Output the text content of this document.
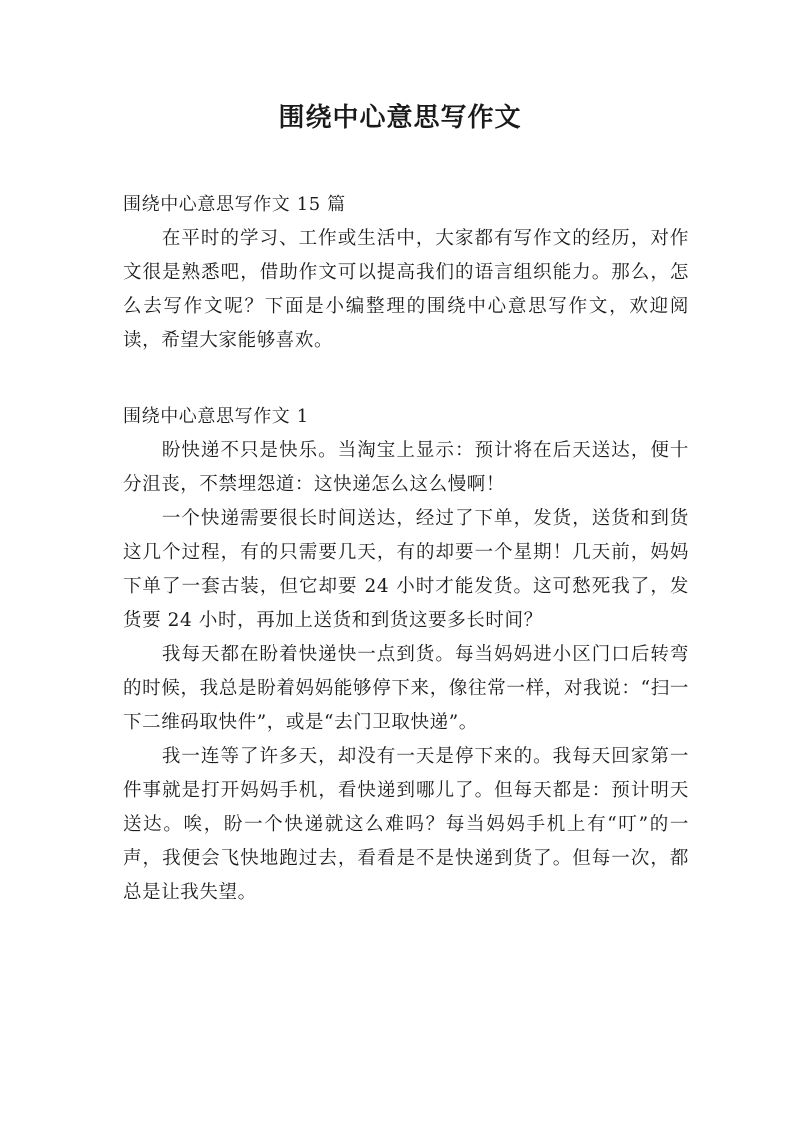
围绕中心意思写作文
围绕中心意思写作文 15 篇

在平时的学习、工作或生活中，大家都有写作文的经历，对作文很是熟悉吧，借助作文可以提高我们的语言组织能力。那么，怎么去写作文呢？下面是小编整理的围绕中心意思写作文，欢迎阅读，希望大家能够喜欢。

围绕中心意思写作文 1

盼快递不只是快乐。当淘宝上显示：预计将在后天送达，便十分沮丧，不禁埋怨道：这快递怎么这么慢啊！

一个快递需要很长时间送达，经过了下单，发货，送货和到货这几个过程，有的只需要几天，有的却要一个星期！几天前，妈妈下单了一套古装，但它却要 24 小时才能发货。这可愁死我了，发货要 24 小时，再加上送货和到货这要多长时间？

我每天都在盼着快递快一点到货。每当妈妈进小区门口后转弯的时候，我总是盼着妈妈能够停下来，像往常一样，对我说：“扫一下二维码取快件”，或是“去门卫取快递”。

我一连等了许多天，却没有一天是停下来的。我每天回家第一件事就是打开妈妈手机，看快递到哪儿了。但每天都是：预计明天送达。唉，盼一个快递就这么难吗？每当妈妈手机上有“叮”的一声，我便会飞快地跑过去，看看是不是快递到货了。但每一次，都总是让我失望。
